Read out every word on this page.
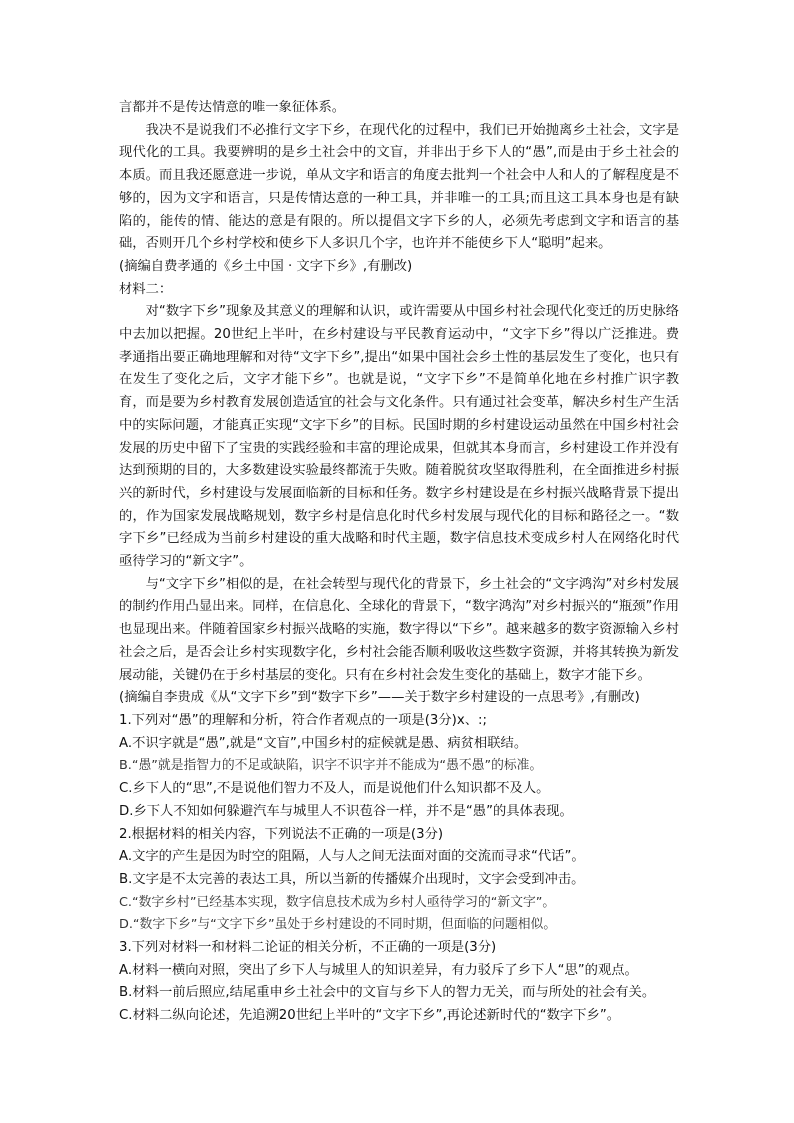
言都并不是传达情意的唯一象征体系。

我决不是说我们不必推行文字下乡，在现代化的过程中，我们已开始抛离乡土社会，文字是现代化的工具。我要辨明的是乡土社会中的文盲，并非出于乡下人的“愚”,而是由于乡土社会的本质。而且我还愿意进一步说，单从文字和语言的角度去批判一个社会中人和人的了解程度是不够的，因为文字和语言，只是传情达意的一种工具，并非唯一的工具;而且这工具本身也是有缺陷的，能传的情、能达的意是有限的。所以提倡文字下乡的人，必须先考虑到文字和语言的基础，否则开几个乡村学校和使乡下人多识几个字，也许并不能使乡下人“聪明”起来。

(摘编自费孝通的《乡土中国 · 文字下乡》,有删改)

材料二：

对“数字下乡”现象及其意义的理解和认识，或许需要从中国乡村社会现代化变迁的历史脉络中去加以把握。20世纪上半叶，在乡村建设与平民教育运动中，“文字下乡”得以广泛推进。费孝通指出要正确地理解和对待“文字下乡”,提出“如果中国社会乡土性的基层发生了变化，也只有在发生了变化之后，文字才能下乡”。也就是说，“文字下乡”不是简单化地在乡村推广识字教育，而是要为乡村教育发展创造适宜的社会与文化条件。只有通过社会变革，解决乡村生产生活中的实际问题，才能真正实现“文字下乡”的目标。民国时期的乡村建设运动虽然在中国乡村社会发展的历史中留下了宝贵的实践经验和丰富的理论成果，但就其本身而言，乡村建设工作并没有达到预期的目的，大多数建设实验最终都流于失败。随着脱贫攻坚取得胜利，在全面推进乡村振兴的新时代，乡村建设与发展面临新的目标和任务。数字乡村建设是在乡村振兴战略背景下提出的，作为国家发展战略规划，数字乡村是信息化时代乡村发展与现代化的目标和路径之一。“数字下乡”已经成为当前乡村建设的重大战略和时代主题，数字信息技术变成乡村人在网络化时代亟待学习的“新文字”。

与“文字下乡”相似的是，在社会转型与现代化的背景下，乡土社会的“文字鸿沟”对乡村发展的制约作用凸显出来。同样，在信息化、全球化的背景下，“数字鸿沟”对乡村振兴的“瓶颈”作用也显现出来。伴随着国家乡村振兴战略的实施，数字得以“下乡”。越来越多的数字资源输入乡村社会之后，是否会让乡村实现数字化，乡村社会能否顺利吸收这些数字资源，并将其转换为新发展动能，关键仍在于乡村基层的变化。只有在乡村社会发生变化的基础上，数字才能下乡。

(摘编自李贵成《从“文字下乡”到“数字下乡”——关于数字乡村建设的一点思考》,有删改)

1.下列对“愚”的理解和分析，符合作者观点的一项是(3分)x、:;

A.不识字就是“愚”,就是“文盲”,中国乡村的症候就是愚、病贫相联结。

B.“愚”就是指智力的不足或缺陷，识字不识字并不能成为“愚不愚”的标准。

C.乡下人的“思”,不是说他们智力不及人，而是说他们什么知识都不及人。

D.乡下人不知如何躲避汽车与城里人不识苞谷一样，并不是“愚”的具体表现。

2.根据材料的相关内容，下列说法不正确的一项是(3分)

A.文字的产生是因为时空的阻隔，人与人之间无法面对面的交流而寻求“代话”。

B.文字是不太完善的表达工具，所以当新的传播媒介出现时，文字会受到冲击。

C.“数字乡村”已经基本实现，数字信息技术成为乡村人亟待学习的“新文字”。

D.“数字下乡”与“文字下乡”虽处于乡村建设的不同时期，但面临的问题相似。

3.下列对材料一和材料二论证的相关分析，不正确的一项是(3分)

A.材料一横向对照，突出了乡下人与城里人的知识差异，有力驳斥了乡下人“思”的观点。

B.材料一前后照应,结尾重申乡土社会中的文盲与乡下人的智力无关，而与所处的社会有关。

C.材料二纵向论述，先追溯20世纪上半叶的“文字下乡”,再论述新时代的“数字下乡”。
